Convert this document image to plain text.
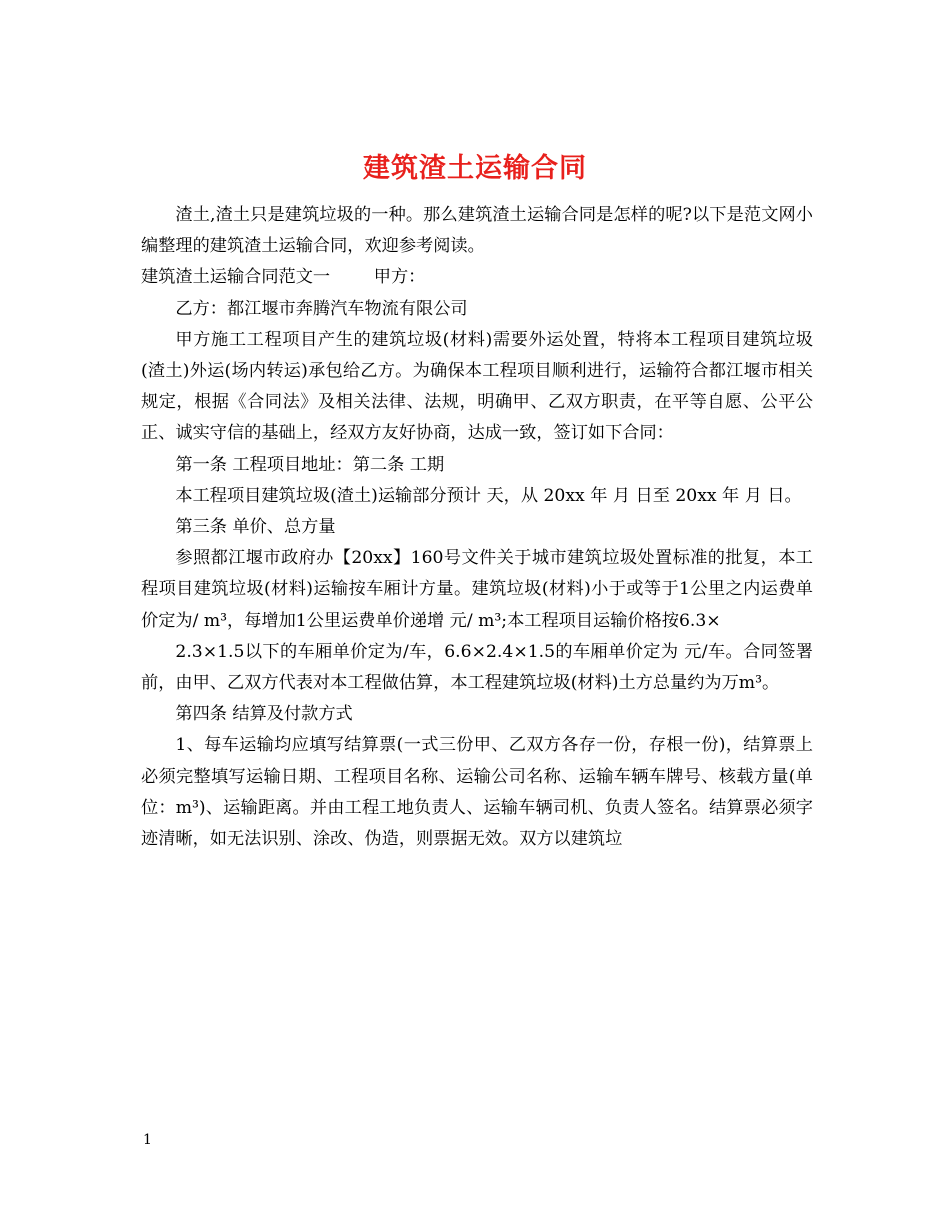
建筑渣土运输合同

渣土,渣土只是建筑垃圾的一种。那么建筑渣土运输合同是怎样的呢?以下是范文网小编整理的建筑渣土运输合同，欢迎参考阅读。

建筑渣土运输合同范文一        甲方：

乙方：都江堰市奔腾汽车物流有限公司

甲方施工工程项目产生的建筑垃圾(材料)需要外运处置，特将本工程项目建筑垃圾(渣土)外运(场内转运)承包给乙方。为确保本工程项目顺利进行，运输符合都江堰市相关规定，根据《合同法》及相关法律、法规，明确甲、乙双方职责，在平等自愿、公平公正、诚实守信的基础上，经双方友好协商，达成一致，签订如下合同：

第一条 工程项目地址：第二条 工期

本工程项目建筑垃圾(渣土)运输部分预计 天，从 20xx 年 月 日至 20xx 年 月 日。

第三条 单价、总方量

参照都江堰市政府办【20xx】160号文件关于城市建筑垃圾处置标准的批复，本工程项目建筑垃圾(材料)运输按车厢计方量。建筑垃圾(材料)小于或等于1公里之内运费单价定为/ m³，每增加1公里运费单价递增 元/ m³;本工程项目运输价格按6.3×

2.3×1.5以下的车厢单价定为/车，6.6×2.4×1.5的车厢单价定为 元/车。合同签署前，由甲、乙双方代表对本工程做估算，本工程建筑垃圾(材料)土方总量约为万m³。

第四条 结算及付款方式

1、每车运输均应填写结算票(一式三份甲、乙双方各存一份，存根一份)，结算票上必须完整填写运输日期、工程项目名称、运输公司名称、运输车辆车牌号、核载方量(单位：m³)、运输距离。并由工程工地负责人、运输车辆司机、负责人签名。结算票必须字迹清晰，如无法识别、涂改、伪造，则票据无效。双方以建筑垃

1
